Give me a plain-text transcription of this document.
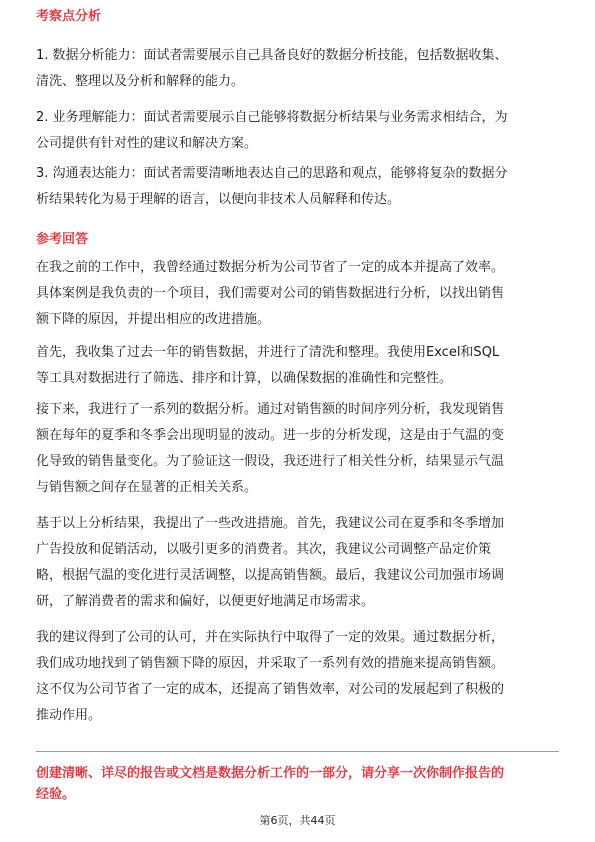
考察点分析
1. 数据分析能力：面试者需要展示自己具备良好的数据分析技能，包括数据收集、
清洗、整理以及分析和解释的能力。
2. 业务理解能力：面试者需要展示自己能够将数据分析结果与业务需求相结合，为
公司提供有针对性的建议和解决方案。
3. 沟通表达能力：面试者需要清晰地表达自己的思路和观点，能够将复杂的数据分
析结果转化为易于理解的语言，以便向非技术人员解释和传达。
参考回答
在我之前的工作中，我曾经通过数据分析为公司节省了一定的成本并提高了效率。
具体案例是我负责的一个项目，我们需要对公司的销售数据进行分析，以找出销售
额下降的原因，并提出相应的改进措施。
首先，我收集了过去一年的销售数据，并进行了清洗和整理。我使用Excel和SQL
等工具对数据进行了筛选、排序和计算，以确保数据的准确性和完整性。
接下来，我进行了一系列的数据分析。通过对销售额的时间序列分析，我发现销售
额在每年的夏季和冬季会出现明显的波动。进一步的分析发现，这是由于气温的变
化导致的销售量变化。为了验证这一假设，我还进行了相关性分析，结果显示气温
与销售额之间存在显著的正相关关系。
基于以上分析结果，我提出了一些改进措施。首先，我建议公司在夏季和冬季增加
广告投放和促销活动，以吸引更多的消费者。其次，我建议公司调整产品定价策
略，根据气温的变化进行灵活调整，以提高销售额。最后，我建议公司加强市场调
研，了解消费者的需求和偏好，以便更好地满足市场需求。
我的建议得到了公司的认可，并在实际执行中取得了一定的效果。通过数据分析，
我们成功地找到了销售额下降的原因，并采取了一系列有效的措施来提高销售额。
这不仅为公司节省了一定的成本，还提高了销售效率，对公司的发展起到了积极的
推动作用。
创建清晰、详尽的报告或文档是数据分析工作的一部分，请分享一次你制作报告的
经验。
第6页，共44页
